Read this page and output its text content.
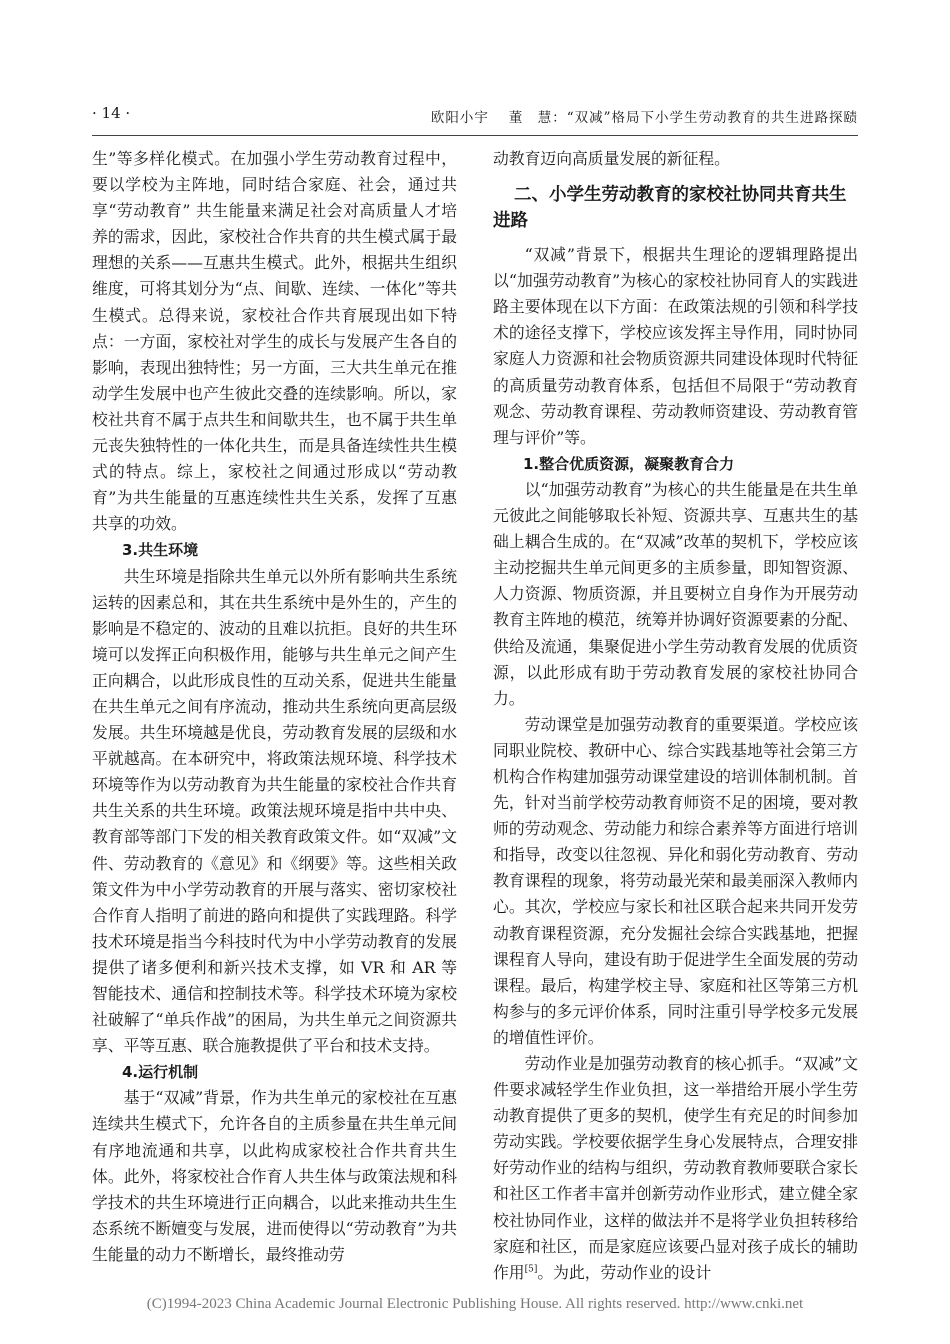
· 14 ·	欧阳小宇　 董　慧：“双减”格局下小学生劳动教育的共生进路探赜

生”等多样化模式。在加强小学生劳动教育过程中，要以学校为主阵地，同时结合家庭、社会，通过共享“劳动教育” 共生能量来满足社会对高质量人才培养的需求，因此，家校社合作共育的共生模式属于最理想的关系——互惠共生模式。此外，根据共生组织维度，可将其划分为“点、间歇、连续、一体化”等共生模式。总得来说，家校社合作共育展现出如下特点：一方面，家校社对学生的成长与发展产生各自的影响，表现出独特性；另一方面，三大共生单元在推动学生发展中也产生彼此交叠的连续影响。所以，家校社共育不属于点共生和间歇共生，也不属于共生单元丧失独特性的一体化共生，而是具备连续性共生模式的特点。综上，家校社之间通过形成以“劳动教育”为共生能量的互惠连续性共生关系，发挥了互惠共享的功效。

3.共生环境

共生环境是指除共生单元以外所有影响共生系统运转的因素总和，其在共生系统中是外生的，产生的影响是不稳定的、波动的且难以抗拒。良好的共生环境可以发挥正向积极作用，能够与共生单元之间产生正向耦合，以此形成良性的互动关系，促进共生能量在共生单元之间有序流动，推动共生系统向更高层级发展。共生环境越是优良，劳动教育发展的层级和水平就越高。在本研究中，将政策法规环境、科学技术环境等作为以劳动教育为共生能量的家校社合作共育共生关系的共生环境。政策法规环境是指中共中央、教育部等部门下发的相关教育政策文件。如“双减”文件、劳动教育的《意见》和《纲要》等。这些相关政策文件为中小学劳动教育的开展与落实、密切家校社合作育人指明了前进的路向和提供了实践理路。科学技术环境是指当今科技时代为中小学劳动教育的发展提供了诸多便利和新兴技术支撑，如 VR 和 AR 等智能技术、通信和控制技术等。科学技术环境为家校社破解了“单兵作战”的困局，为共生单元之间资源共享、平等互惠、联合施教提供了平台和技术支持。

4.运行机制

基于“双减”背景，作为共生单元的家校社在互惠连续共生模式下，允许各自的主质参量在共生单元间有序地流通和共享，以此构成家校社合作共育共生体。此外，将家校社合作育人共生体与政策法规和科学技术的共生环境进行正向耦合，以此来推动共生生态系统不断嬗变与发展，进而使得以“劳动教育”为共生能量的动力不断增长，最终推动劳

动教育迈向高质量发展的新征程。

二、小学生劳动教育的家校社协同共育共生进路

“双减”背景下，根据共生理论的逻辑理路提出以“加强劳动教育”为核心的家校社协同育人的实践进路主要体现在以下方面：在政策法规的引领和科学技术的途径支撑下，学校应该发挥主导作用，同时协同家庭人力资源和社会物质资源共同建设体现时代特征的高质量劳动教育体系，包括但不局限于“劳动教育观念、劳动教育课程、劳动教师资建设、劳动教育管理与评价”等。

1.整合优质资源，凝聚教育合力

以“加强劳动教育”为核心的共生能量是在共生单元彼此之间能够取长补短、资源共享、互惠共生的基础上耦合生成的。在“双减”改革的契机下，学校应该主动挖掘共生单元间更多的主质参量，即知智资源、人力资源、物质资源，并且要树立自身作为开展劳动教育主阵地的模范，统筹并协调好资源要素的分配、供给及流通，集聚促进小学生劳动教育发展的优质资源，以此形成有助于劳动教育发展的家校社协同合力。

劳动课堂是加强劳动教育的重要渠道。学校应该同职业院校、教研中心、综合实践基地等社会第三方机构合作构建加强劳动课堂建设的培训体制机制。首先，针对当前学校劳动教育师资不足的困境，要对教师的劳动观念、劳动能力和综合素养等方面进行培训和指导，改变以往忽视、异化和弱化劳动教育、劳动教育课程的现象，将劳动最光荣和最美丽深入教师内心。其次，学校应与家长和社区联合起来共同开发劳动教育课程资源，充分发掘社会综合实践基地，把握课程育人导向，建设有助于促进学生全面发展的劳动课程。最后，构建学校主导、家庭和社区等第三方机构参与的多元评价体系，同时注重引导学校多元发展的增值性评价。

劳动作业是加强劳动教育的核心抓手。“双减”文件要求减轻学生作业负担，这一举措给开展小学生劳动教育提供了更多的契机，使学生有充足的时间参加劳动实践。学校要依据学生身心发展特点，合理安排好劳动作业的结构与组织，劳动教育教师要联合家长和社区工作者丰富并创新劳动作业形式，建立健全家校社协同作业，这样的做法并不是将学业负担转移给家庭和社区，而是家庭应该要凸显对孩子成长的辅助作用[5]。为此，劳动作业的设计

(C)1994-2023 China Academic Journal Electronic Publishing House. All rights reserved. http://www.cnki.net
